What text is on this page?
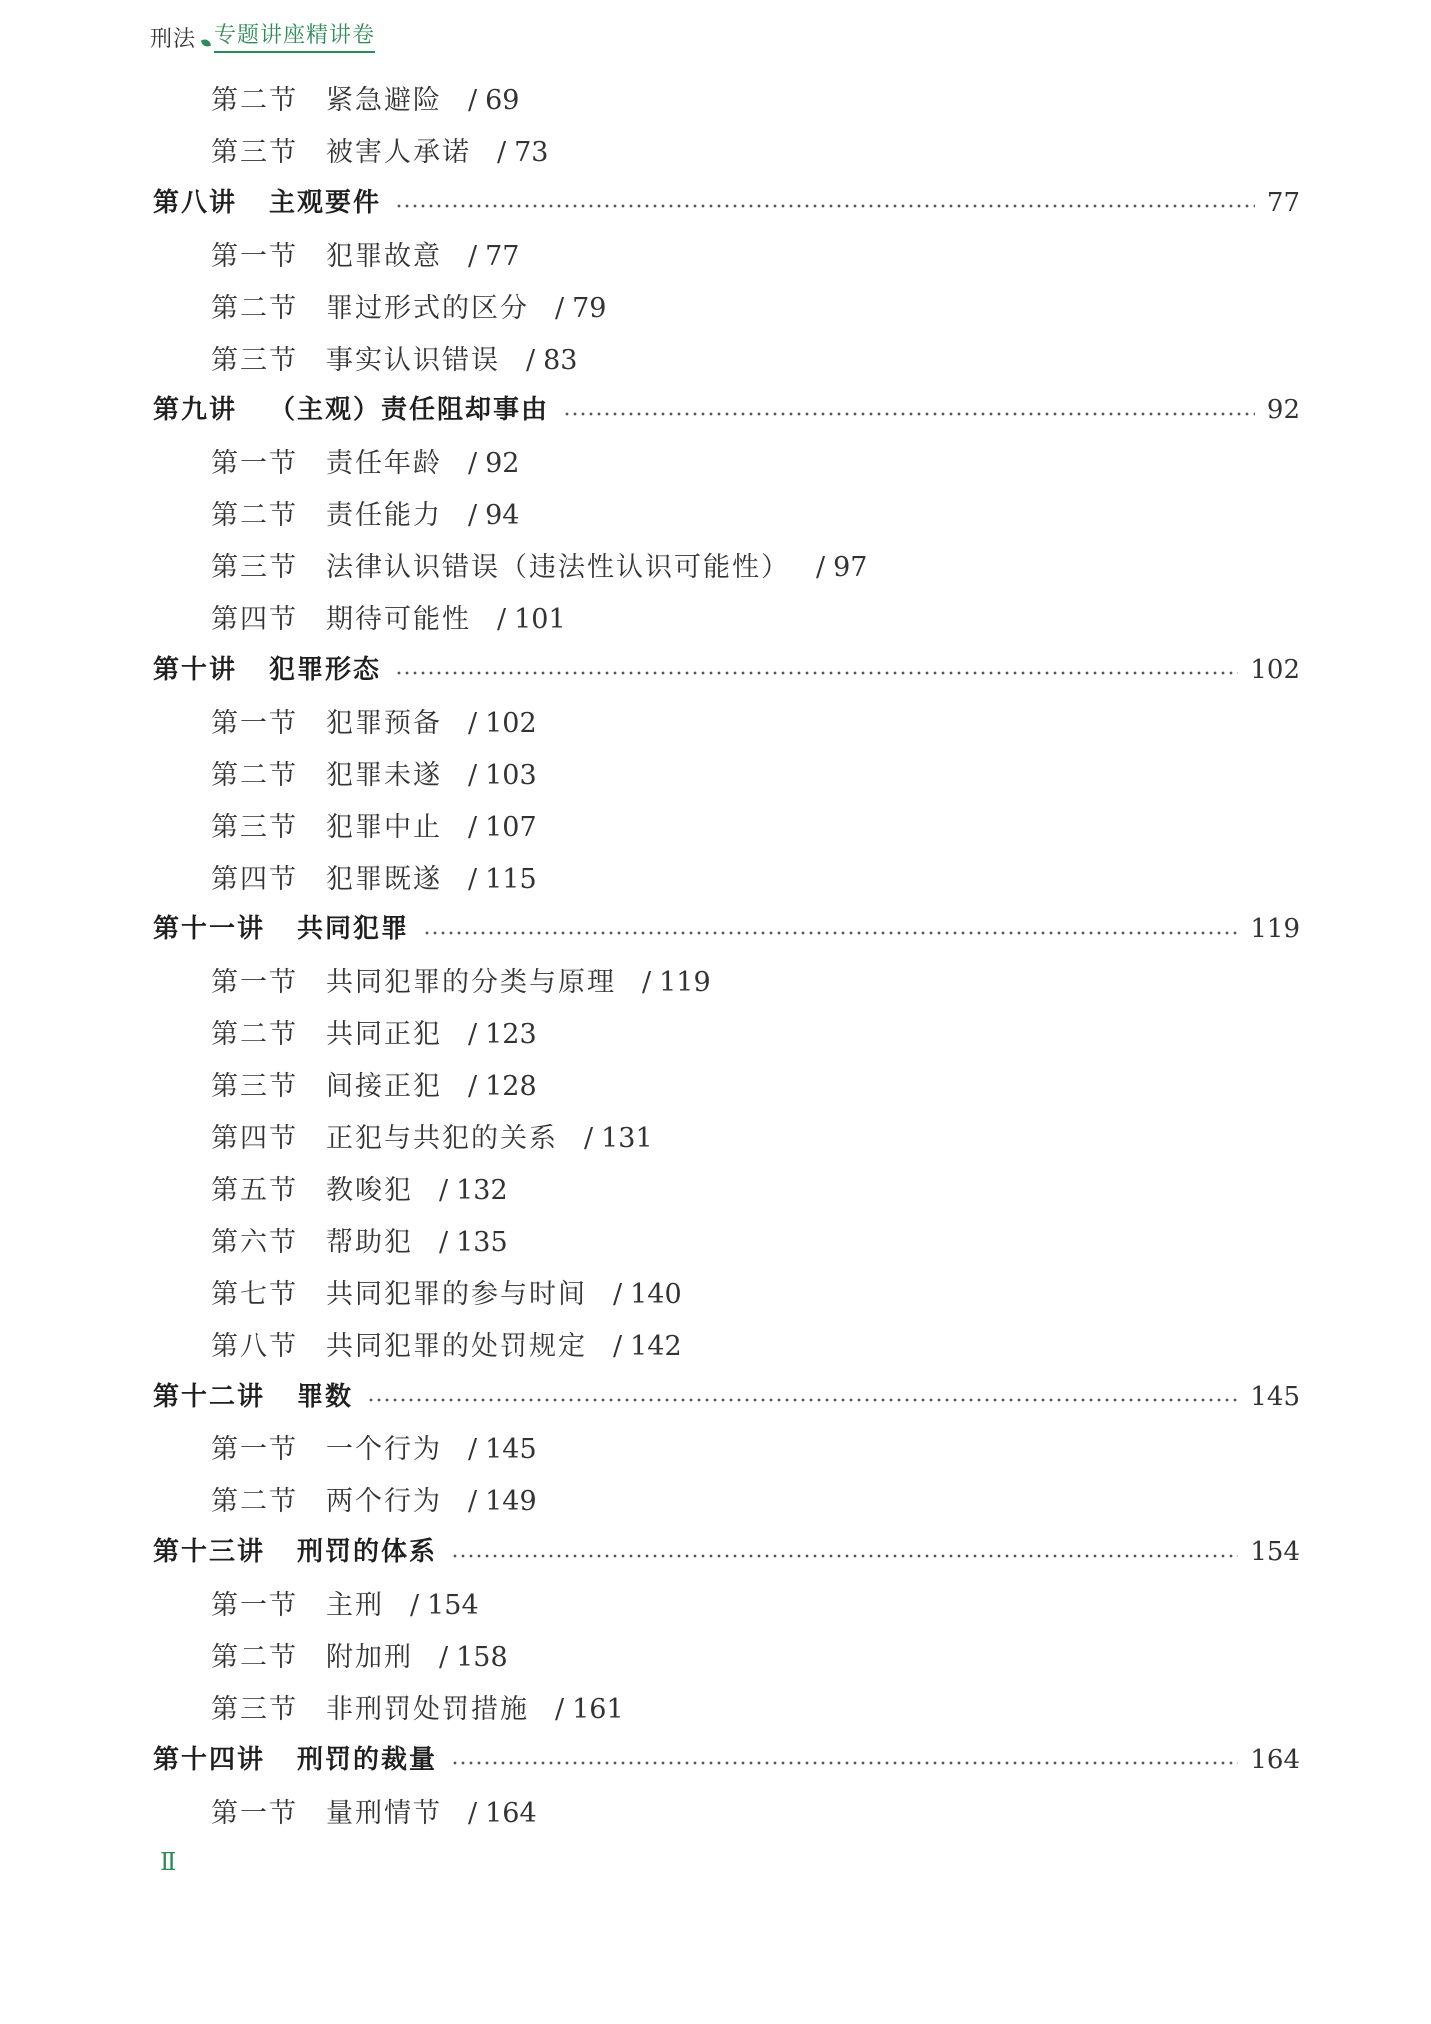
刑法 专题讲座精讲卷
第二节	紧急避险 / 69
第三节	被害人承诺 / 73
第八讲 主观要件	77
第一节	犯罪故意 / 77
第二节	罪过形式的区分 / 79
第三节	事实认识错误 / 83
第九讲 （主观）责任阻却事由	92
第一节	责任年龄 / 92
第二节	责任能力 / 94
第三节	法律认识错误（违法性认识可能性） / 97
第四节	期待可能性 / 101
第十讲 犯罪形态	102
第一节	犯罪预备 / 102
第二节	犯罪未遂 / 103
第三节	犯罪中止 / 107
第四节	犯罪既遂 / 115
第十一讲 共同犯罪	119
第一节	共同犯罪的分类与原理 / 119
第二节	共同正犯 / 123
第三节	间接正犯 / 128
第四节	正犯与共犯的关系 / 131
第五节	教唆犯 / 132
第六节	帮助犯 / 135
第七节	共同犯罪的参与时间 / 140
第八节	共同犯罪的处罚规定 / 142
第十二讲 罪数	145
第一节	一个行为 / 145
第二节	两个行为 / 149
第十三讲 刑罚的体系	154
第一节	主刑 / 154
第二节	附加刑 / 158
第三节	非刑罚处罚措施 / 161
第十四讲 刑罚的裁量	164
第一节	量刑情节 / 164
Ⅱ
